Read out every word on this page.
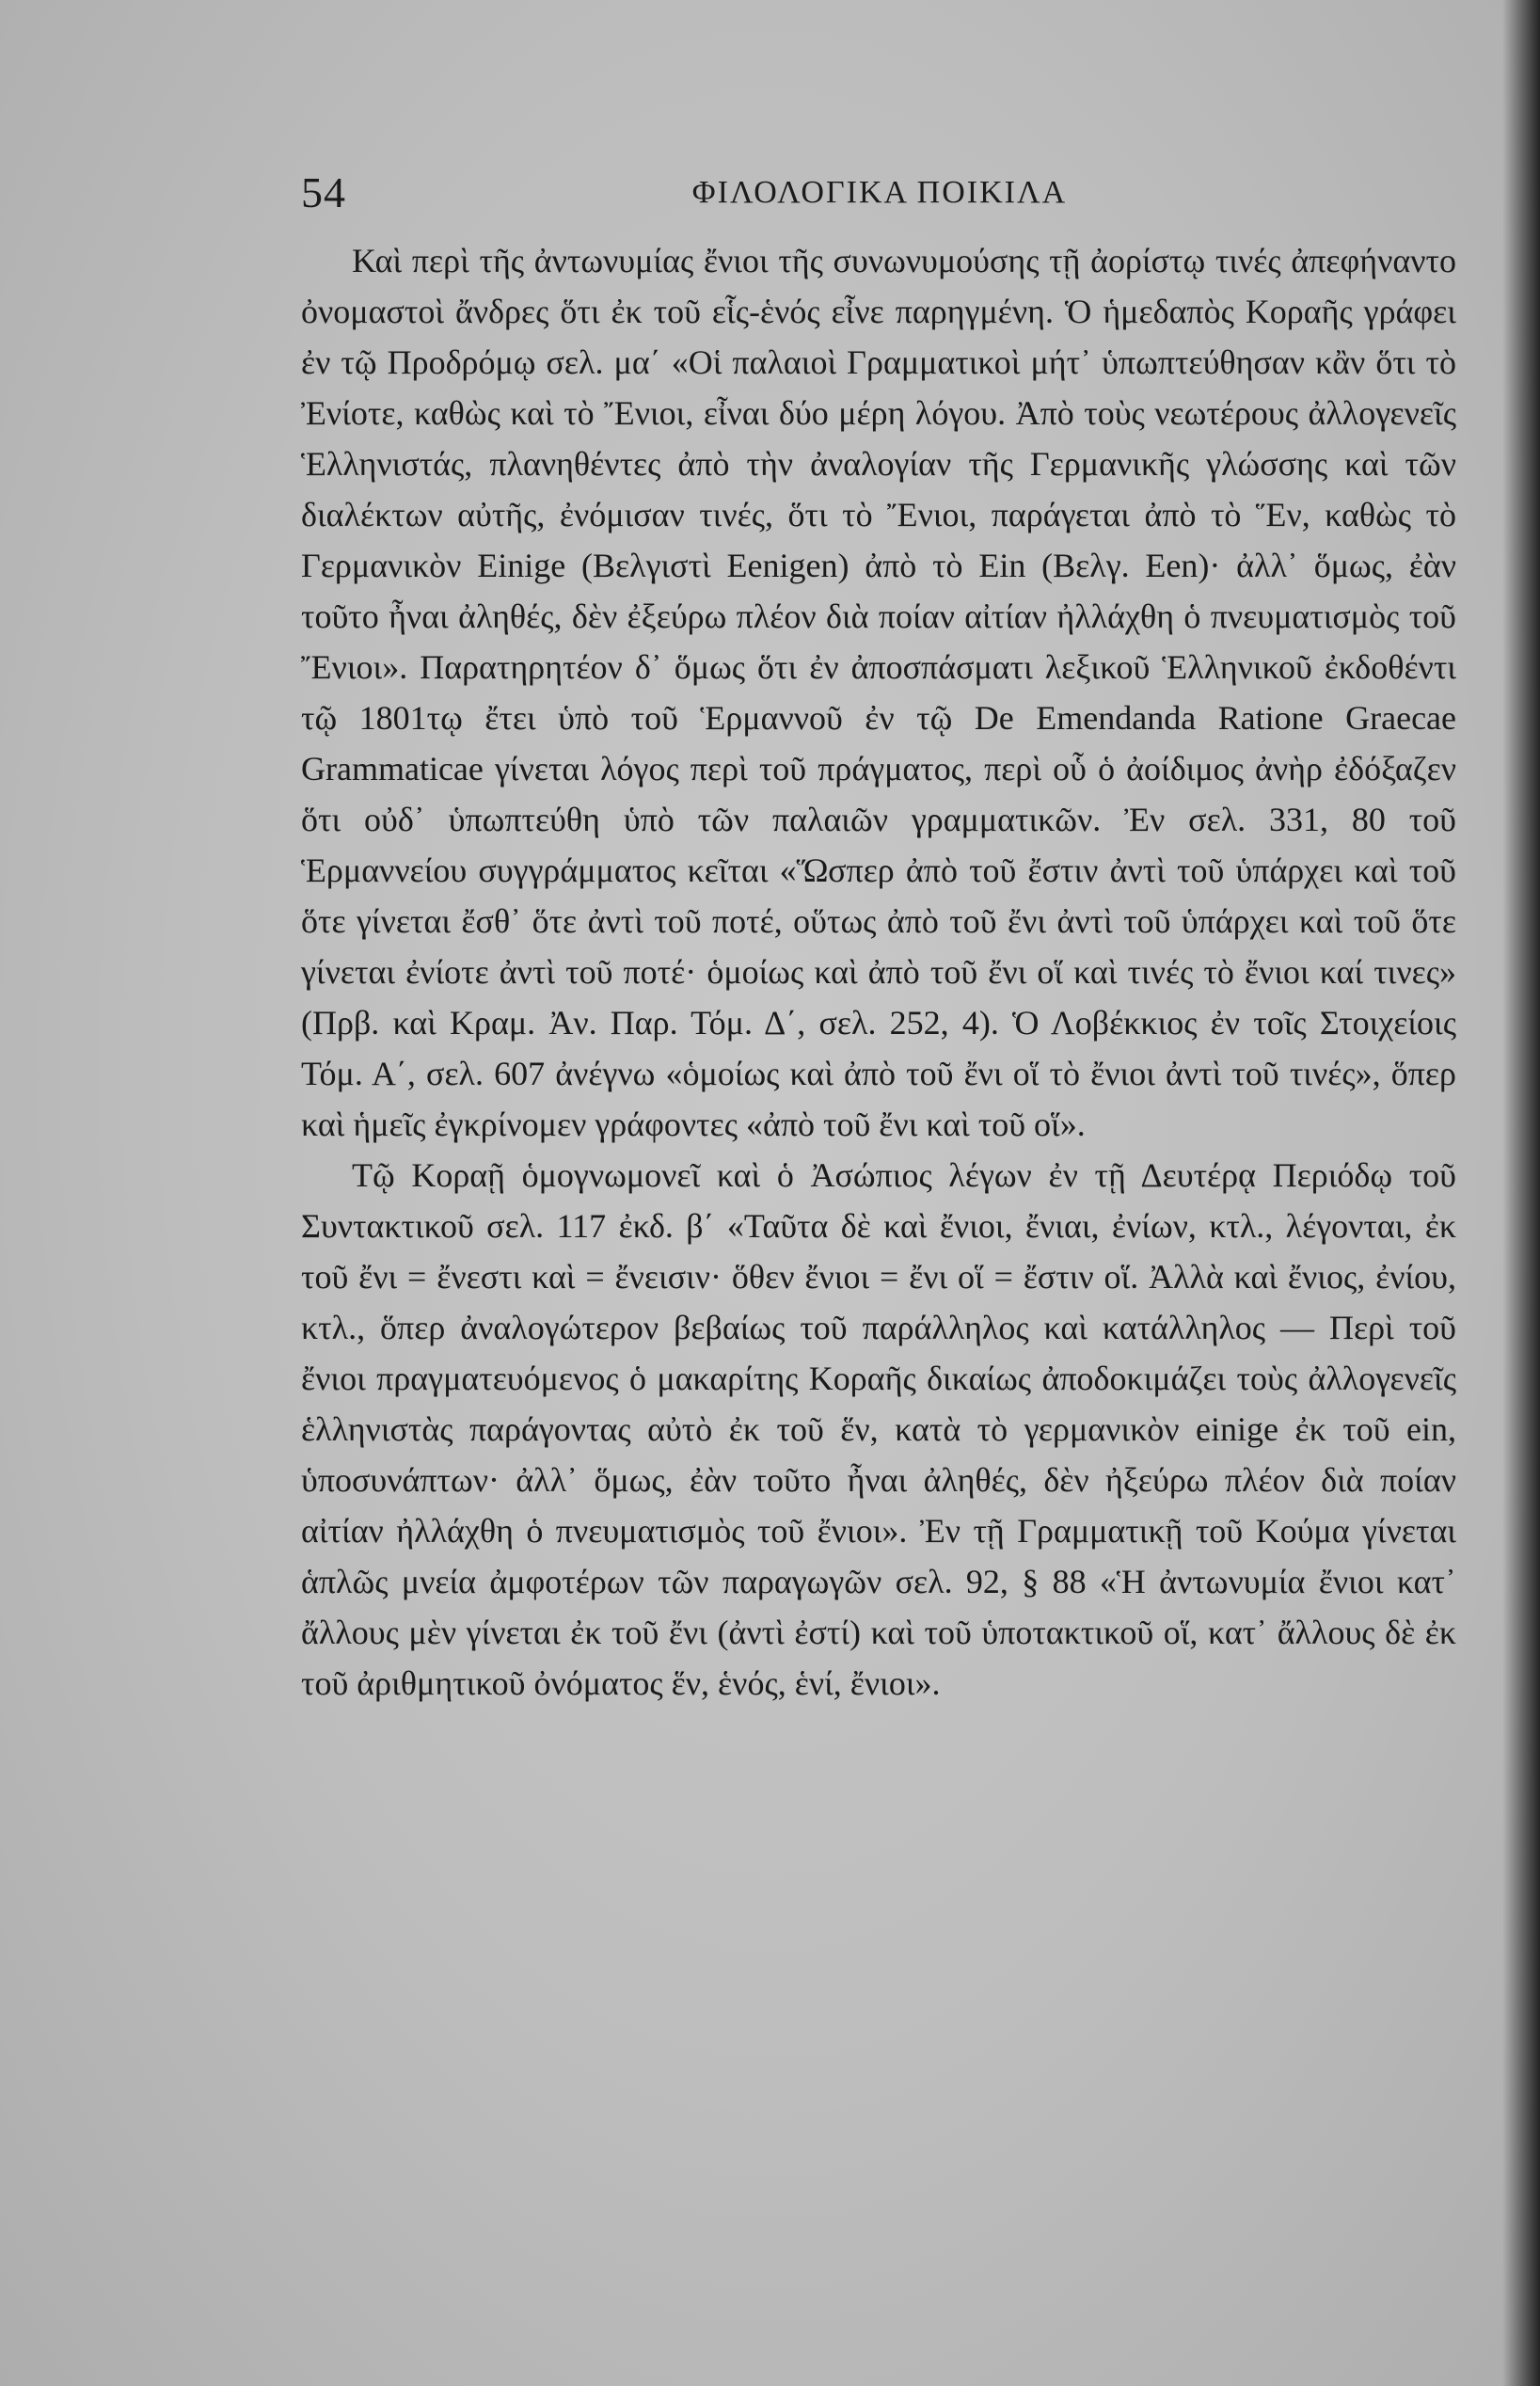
54	ΦΙΛΟΛΟΓΙΚΑ ΠΟΙΚΙΛΑ

Καὶ περὶ τῆς ἀντωνυμίας ἔνιοι τῆς συνωνυμούσης τῇ ἀορίστῳ τινές ἀπεφήναντο ὀνομαστοὶ ἄνδρες ὅτι ἐκ τοῦ εἷς-ἑνός εἶνε παρηγμένη. Ὁ ἡμεδαπὸς Κοραῆς γράφει ἐν τῷ Προδρόμῳ σελ. μα΄ «Οἱ παλαιοὶ Γραμματικοὶ μήτ᾽ ὑπωπτεύθησαν κἂν ὅτι τὸ Ἐνίοτε, καθὼς καὶ τὸ Ἔνιοι, εἶναι δύο μέρη λόγου. Ἀπὸ τοὺς νεωτέρους ἀλλογενεῖς Ἑλληνιστάς, πλανηθέντες ἀπὸ τὴν ἀναλογίαν τῆς Γερμανικῆς γλώσσης καὶ τῶν διαλέκτων αὐτῆς, ἐνόμισαν τινές, ὅτι τὸ Ἔνιοι, παράγεται ἀπὸ τὸ Ἕν, καθὼς τὸ Γερμανικὸν Einige (Βελγιστὶ Eenigen) ἀπὸ τὸ Ein (Βελγ. Een)· ἀλλ᾽ ὅμως, ἐὰν τοῦτο ἦναι ἀληθές, δὲν ἐξεύρω πλέον διὰ ποίαν αἰτίαν ἠλλάχθη ὁ πνευματισμὸς τοῦ Ἔνιοι». Παρατηρητέον δ᾽ ὅμως ὅτι ἐν ἀποσπάσματι λεξικοῦ Ἑλληνικοῦ ἐκδοθέντι τῷ 1801τῳ ἔτει ὑπὸ τοῦ Ἑρμαννοῦ ἐν τῷ De Emendanda Ratione Graecae Grammaticae γίνεται λόγος περὶ τοῦ πράγματος, περὶ οὗ ὁ ἀοίδιμος ἀνὴρ ἐδόξαζεν ὅτι οὐδ᾽ ὑπωπτεύθη ὑπὸ τῶν παλαιῶν γραμματικῶν. Ἐν σελ. 331, 80 τοῦ Ἑρμαννείου συγγράμματος κεῖται «Ὥσπερ ἀπὸ τοῦ ἔστιν ἀντὶ τοῦ ὑπάρχει καὶ τοῦ ὅτε γίνεται ἔσθ᾽ ὅτε ἀντὶ τοῦ ποτέ, οὕτως ἀπὸ τοῦ ἔνι ἀντὶ τοῦ ὑπάρχει καὶ τοῦ ὅτε γίνεται ἐνίοτε ἀντὶ τοῦ ποτέ· ὁμοίως καὶ ἀπὸ τοῦ ἔνι οἵ καὶ τινές τὸ ἔνιοι καί τινες» (Πρβ. καὶ Κραμ. Ἀν. Παρ. Τόμ. Δ΄, σελ. 252, 4). Ὁ Λοβέκκιος ἐν τοῖς Στοιχείοις Τόμ. Α΄, σελ. 607 ἀνέγνω «ὁμοίως καὶ ἀπὸ τοῦ ἔνι οἵ τὸ ἔνιοι ἀντὶ τοῦ τινές», ὅπερ καὶ ἡμεῖς ἐγκρίνομεν γράφοντες «ἀπὸ τοῦ ἔνι καὶ τοῦ οἵ».

Τῷ Κοραῇ ὁμογνωμονεῖ καὶ ὁ Ἀσώπιος λέγων ἐν τῇ Δευτέρᾳ Περιόδῳ τοῦ Συντακτικοῦ σελ. 117 ἐκδ. β΄ «Ταῦτα δὲ καὶ ἔνιοι, ἔνιαι, ἐνίων, κτλ., λέγονται, ἐκ τοῦ ἔνι = ἔνεστι καὶ = ἔνεισιν· ὅθεν ἔνιοι = ἔνι οἵ = ἔστιν οἵ. Ἀλλὰ καὶ ἔνιος, ἐνίου, κτλ., ὅπερ ἀναλογώτερον βεβαίως τοῦ παράλληλος καὶ κατάλληλος — Περὶ τοῦ ἔνιοι πραγματευόμενος ὁ μακαρίτης Κοραῆς δικαίως ἀποδοκιμάζει τοὺς ἀλλογενεῖς ἑλληνιστὰς παράγοντας αὐτὸ ἐκ τοῦ ἕν, κατὰ τὸ γερμανικὸν einige ἐκ τοῦ ein, ὑποσυνάπτων· ἀλλ᾽ ὅμως, ἐὰν τοῦτο ἦναι ἀληθές, δὲν ἠξεύρω πλέον διὰ ποίαν αἰτίαν ἠλλάχθη ὁ πνευματισμὸς τοῦ ἔνιοι». Ἐν τῇ Γραμματικῇ τοῦ Κούμα γίνεται ἁπλῶς μνεία ἀμφοτέρων τῶν παραγωγῶν σελ. 92, § 88 «Ἡ ἀντωνυμία ἔνιοι κατ᾽ ἄλλους μὲν γίνεται ἐκ τοῦ ἔνι (ἀντὶ ἐστί) καὶ τοῦ ὑποτακτικοῦ οἵ, κατ᾽ ἄλλους δὲ ἐκ τοῦ ἀριθμητικοῦ ὀνόματος ἕν, ἑνός, ἑνί, ἔνιοι».
